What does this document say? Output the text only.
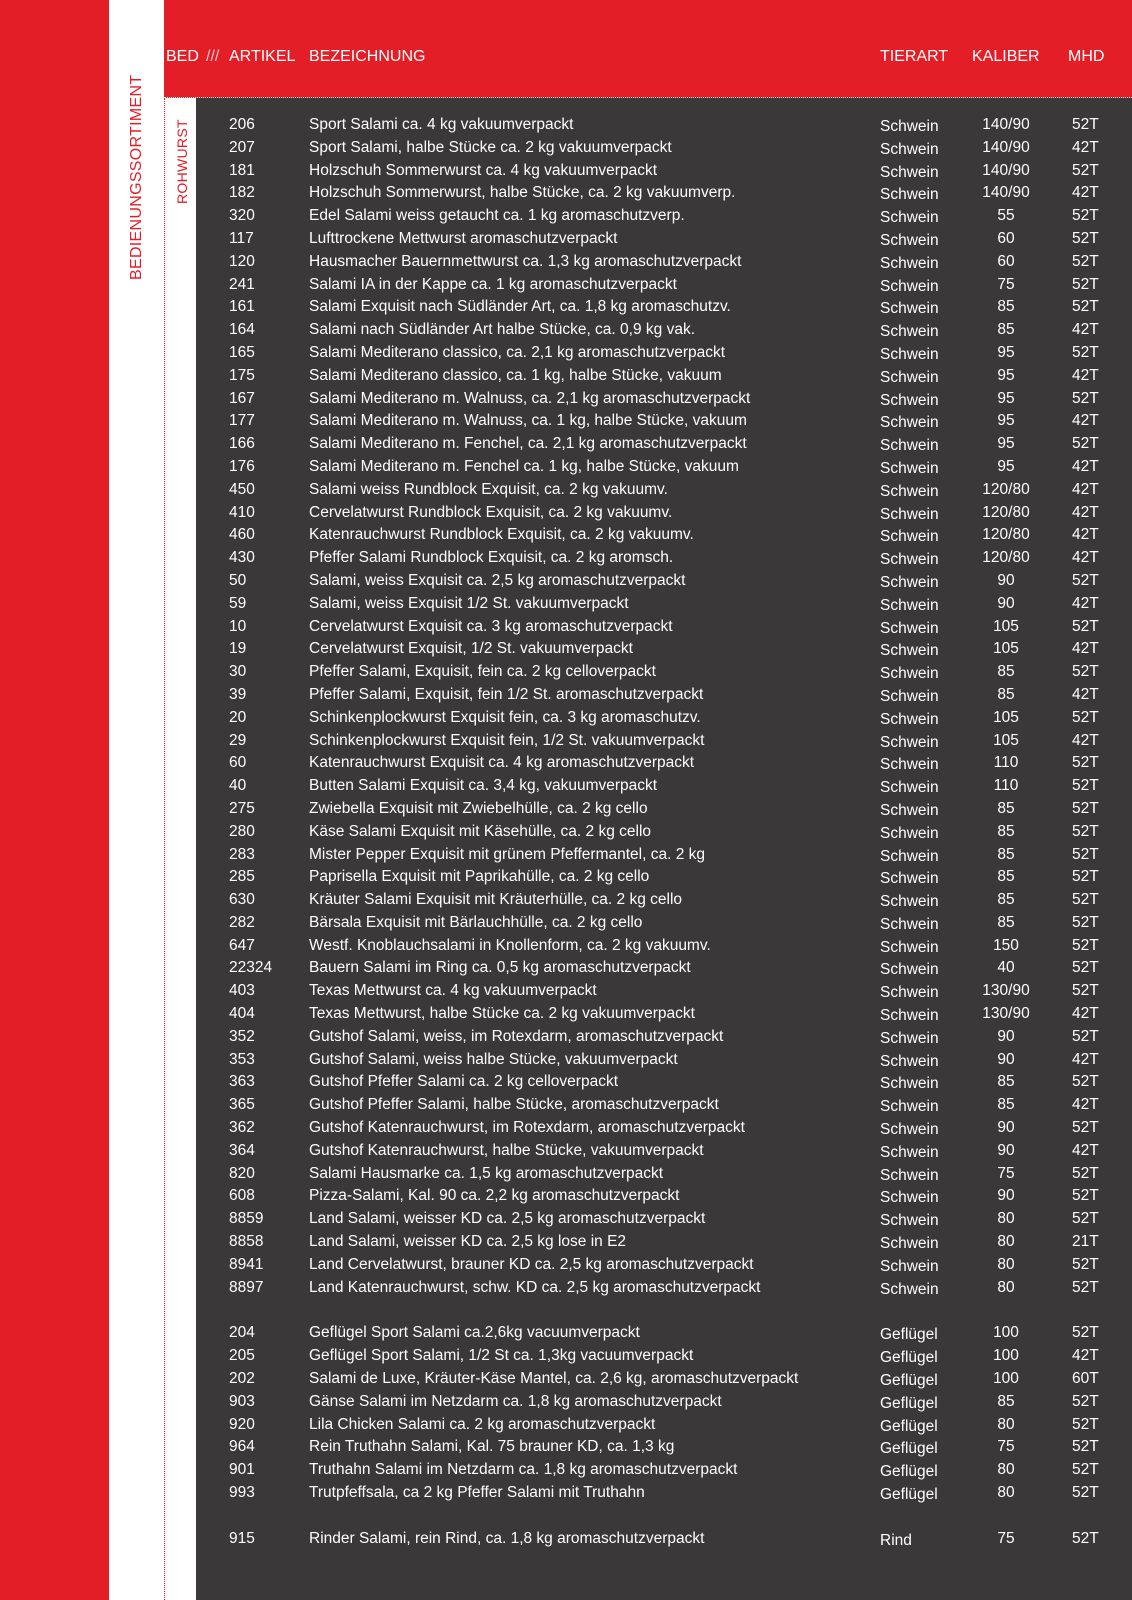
BEDIENUNGSSORTIMENT ROHWURST
BED /// ARTIKEL BEZEICHNUNG	TIERART KALIBER MHD
206	Sport Salami ca. 4 kg vakuumverpackt	Schwein	140/90	52T
207	Sport Salami, halbe Stücke ca. 2 kg vakuumverpackt	Schwein	140/90	42T
181	Holzschuh Sommerwurst ca. 4 kg vakuumverpackt	Schwein	140/90	52T
182	Holzschuh Sommerwurst, halbe Stücke, ca. 2 kg vakuumverp.	Schwein	140/90	42T
320	Edel Salami weiss getaucht ca. 1 kg aromaschutzverp.	Schwein	55	52T
117	Lufttrockene Mettwurst aromaschutzverpackt	Schwein	60	52T
120	Hausmacher Bauernmettwurst ca. 1,3 kg aromaschutzverpackt	Schwein	60	52T
241	Salami IA in der Kappe ca. 1 kg aromaschutzverpackt	Schwein	75	52T
161	Salami Exquisit nach Südländer Art, ca. 1,8 kg aromaschutzv.	Schwein	85	52T
164	Salami nach Südländer Art halbe Stücke, ca. 0,9 kg vak.	Schwein	85	42T
165	Salami Mediterano classico, ca. 2,1 kg aromaschutzverpackt	Schwein	95	52T
175	Salami Mediterano classico, ca. 1 kg, halbe Stücke, vakuum	Schwein	95	42T
167	Salami Mediterano m. Walnuss, ca. 2,1 kg aromaschutzverpackt	Schwein	95	52T
177	Salami Mediterano m. Walnuss, ca. 1 kg, halbe Stücke, vakuum	Schwein	95	42T
166	Salami Mediterano m. Fenchel, ca. 2,1 kg aromaschutzverpackt	Schwein	95	52T
176	Salami Mediterano m. Fenchel ca. 1 kg, halbe Stücke, vakuum	Schwein	95	42T
450	Salami weiss Rundblock Exquisit, ca. 2 kg vakuumv.	Schwein	120/80	42T
410	Cervelatwurst Rundblock Exquisit, ca. 2 kg vakuumv.	Schwein	120/80	42T
460	Katenrauchwurst Rundblock Exquisit, ca. 2 kg vakuumv.	Schwein	120/80	42T
430	Pfeffer Salami Rundblock Exquisit, ca. 2 kg aromsch.	Schwein	120/80	42T
50	Salami, weiss Exquisit ca. 2,5 kg aromaschutzverpackt	Schwein	90	52T
59	Salami, weiss Exquisit 1/2 St. vakuumverpackt	Schwein	90	42T
10	Cervelatwurst Exquisit ca. 3 kg aromaschutzverpackt	Schwein	105	52T
19	Cervelatwurst Exquisit, 1/2 St. vakuumverpackt	Schwein	105	42T
30	Pfeffer Salami, Exquisit, fein ca. 2 kg celloverpackt	Schwein	85	52T
39	Pfeffer Salami, Exquisit, fein 1/2 St. aromaschutzverpackt	Schwein	85	42T
20	Schinkenplockwurst Exquisit fein, ca. 3 kg aromaschutzv.	Schwein	105	52T
29	Schinkenplockwurst Exquisit fein, 1/2 St. vakuumverpackt	Schwein	105	42T
60	Katenrauchwurst Exquisit ca. 4 kg aromaschutzverpackt	Schwein	110	52T
40	Butten Salami Exquisit ca. 3,4 kg, vakuumverpackt	Schwein	110	52T
275	Zwiebella Exquisit mit Zwiebelhülle, ca. 2 kg cello	Schwein	85	52T
280	Käse Salami Exquisit mit Käsehülle, ca. 2 kg cello	Schwein	85	52T
283	Mister Pepper Exquisit mit grünem Pfeffermantel, ca. 2 kg	Schwein	85	52T
285	Paprisella Exquisit mit Paprikahülle, ca. 2 kg cello	Schwein	85	52T
630	Kräuter Salami Exquisit mit Kräuterhülle, ca. 2 kg cello	Schwein	85	52T
282	Bärsala Exquisit mit Bärlauchhülle, ca. 2 kg cello	Schwein	85	52T
647	Westf. Knoblauchsalami in Knollenform, ca. 2 kg vakuumv.	Schwein	150	52T
22324 Bauern Salami im Ring ca. 0,5 kg aromaschutzverpackt	Schwein	40	52T
403	Texas Mettwurst ca. 4 kg vakuumverpackt	Schwein	130/90	52T
404	Texas Mettwurst, halbe Stücke ca. 2 kg vakuumverpackt	Schwein	130/90	42T
352	Gutshof Salami, weiss, im Rotexdarm, aromaschutzverpackt	Schwein	90	52T
353	Gutshof Salami, weiss halbe Stücke, vakuumverpackt	Schwein	90	42T
363	Gutshof Pfeffer Salami ca. 2 kg celloverpackt	Schwein	85	52T
365	Gutshof Pfeffer Salami, halbe Stücke, aromaschutzverpackt	Schwein	85	42T
362	Gutshof Katenrauchwurst, im Rotexdarm, aromaschutzverpackt	Schwein	90	52T
364	Gutshof Katenrauchwurst, halbe Stücke, vakuumverpackt	Schwein	90	42T
820	Salami Hausmarke ca. 1,5 kg aromaschutzverpackt	Schwein	75	52T
608	Pizza-Salami, Kal. 90 ca. 2,2 kg aromaschutzverpackt	Schwein	90	52T
8859	Land Salami, weisser KD ca. 2,5 kg aromaschutzverpackt	Schwein	80	52T
8858	Land Salami, weisser KD ca. 2,5 kg lose in E2	Schwein	80	21T
8941	Land Cervelatwurst, brauner KD ca. 2,5 kg aromaschutzverpackt	Schwein	80	52T
8897	Land Katenrauchwurst, schw. KD ca. 2,5 kg aromaschutzverpackt	Schwein	80	52T
204	Geflügel Sport Salami ca.2,6kg vacuumverpackt	Geflügel	100	52T
205	Geflügel Sport Salami, 1/2 St ca. 1,3kg vacuumverpackt	Geflügel	100	42T
202	Salami de Luxe, Kräuter-Käse Mantel, ca. 2,6 kg, aromaschutzverpackt	Geflügel	100	60T
903	Gänse Salami im Netzdarm ca. 1,8 kg aromaschutzverpackt	Geflügel	85	52T
920	Lila Chicken Salami ca. 2 kg aromaschutzverpackt	Geflügel	80	52T
964	Rein Truthahn Salami, Kal. 75 brauner KD, ca. 1,3 kg	Geflügel	75	52T
901	Truthahn Salami im Netzdarm ca. 1,8 kg aromaschutzverpackt	Geflügel	80	52T
993	Trutpfeffsala, ca 2 kg Pfeffer Salami mit Truthahn	Geflügel	80	52T
915	Rinder Salami, rein Rind, ca. 1,8 kg aromaschutzverpackt	Rind	75	52T
